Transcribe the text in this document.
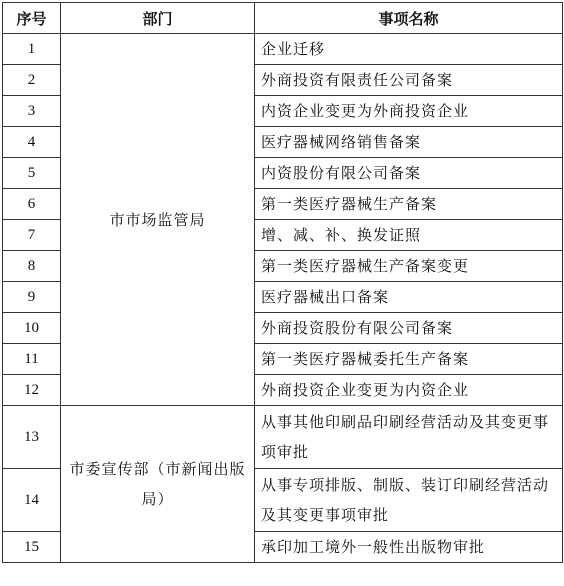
序号	部门	事项名称
1	市市场监管局	企业迁移
2		外商投资有限责任公司备案
3		内资企业变更为外商投资企业
4		医疗器械网络销售备案
5		内资股份有限公司备案
6		第一类医疗器械生产备案
7		增、减、补、换发证照
8		第一类医疗器械生产备案变更
9		医疗器械出口备案
10		外商投资股份有限公司备案
11		第一类医疗器械委托生产备案
12		外商投资企业变更为内资企业
13	市委宣传部（市新闻出版局）	从事其他印刷品印刷经营活动及其变更事项审批
14		从事专项排版、制版、装订印刷经营活动及其变更事项审批
15		承印加工境外一般性出版物审批
